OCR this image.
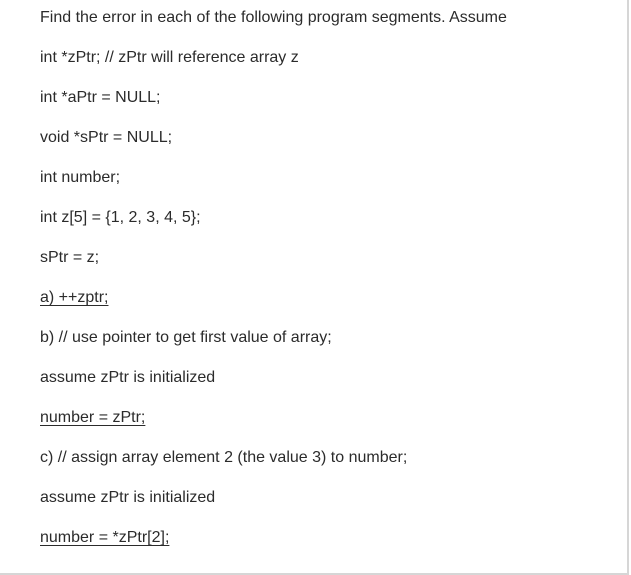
Find the error in each of the following program segments. Assume
int *zPtr; // zPtr will reference array z
int *aPtr = NULL;
void *sPtr = NULL;
int number;
int z[5] = {1, 2, 3, 4, 5};
sPtr = z;
a) ++zptr;
b) // use pointer to get first value of array;
assume zPtr is initialized
number = zPtr;
c) // assign array element 2 (the value 3) to number;
assume zPtr is initialized
number = *zPtr[2];
